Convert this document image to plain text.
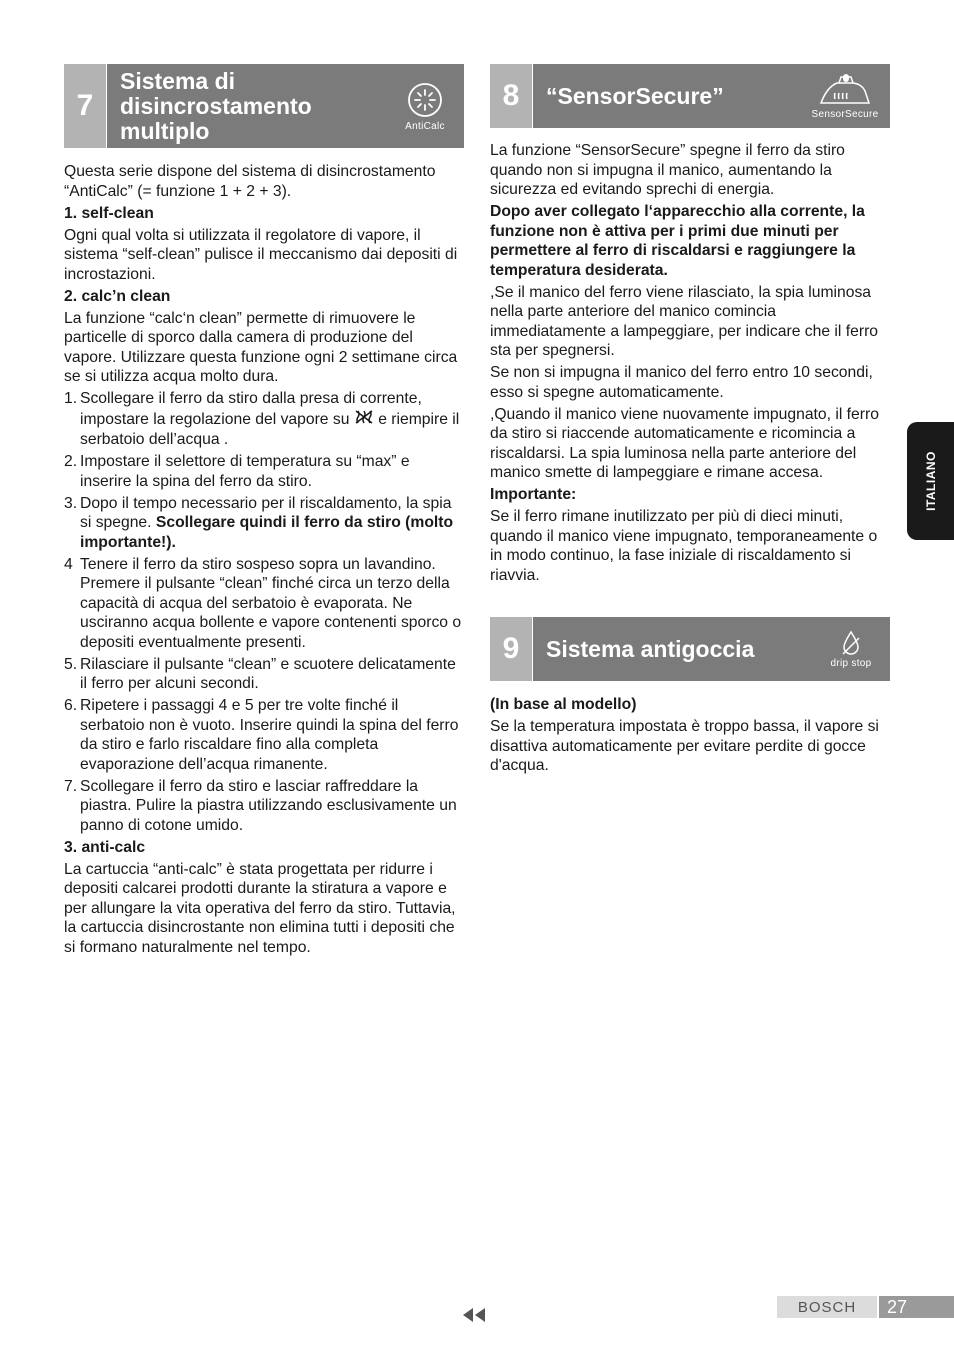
7
Sistema di disincrostamento multiplo	AntiCalc

Questa serie dispone del sistema di disincrostamento “AntiCalc” (= funzione 1 + 2 + 3).

1. self-clean

Ogni qual volta si utilizzata il regolatore di vapore, il sistema “self-clean” pulisce il meccanismo dai depositi di incrostazioni.

2. calc’n clean

La funzione “calc‘n clean” permette di rimuovere le particelle di sporco dalla camera di produzione del vapore. Utilizzare questa funzione ogni 2 settimane circa se si utilizza acqua molto dura.

1. Scollegare il ferro da stiro dalla presa di corrente, impostare la regolazione del vapore su e riempire il serbatoio dell’acqua .
2. Impostare il selettore di temperatura su “max” e inserire la spina del ferro da stiro.
3. Dopo il tempo necessario per il riscaldamento, la spia si spegne. Scollegare quindi il ferro da stiro (molto importante!).
4 Tenere il ferro da stiro sospeso sopra un lavandino. Premere il pulsante “clean” finché circa un terzo della capacità di acqua del serbatoio è evaporata. Ne usciranno acqua bollente e vapore contenenti sporco o depositi eventualmente presenti.
5. Rilasciare il pulsante “clean” e scuotere delicatamente il ferro per alcuni secondi.
6. Ripetere i passaggi 4 e 5 per tre volte finché il serbatoio non è vuoto. Inserire quindi la spina del ferro da stiro e farlo riscaldare fino alla completa evaporazione dell’acqua rimanente.
7. Scollegare il ferro da stiro e lasciar raffreddare la piastra. Pulire la piastra utilizzando esclusivamente un panno di cotone umido.

3. anti-calc

La cartuccia “anti-calc” è stata progettata per ridurre i depositi calcarei prodotti durante la stiratura a vapore e per allungare la vita operativa del ferro da stiro. Tuttavia, la cartuccia disincrostante non elimina tutti i depositi che si formano naturalmente nel tempo.

8	“SensorSecure”
SensorSecure

La funzione “SensorSecure” spegne il ferro da stiro quando non si impugna il manico, aumentando la sicurezza ed evitando sprechi di energia.

Dopo aver collegato l‘apparecchio alla corrente, la funzione non è attiva per i primi due minuti per permettere al ferro di riscaldarsi e raggiungere la temperatura desiderata.

,Se il manico del ferro viene rilasciato, la spia luminosa nella parte anteriore del manico comincia immediatamente a lampeggiare, per indicare che il ferro sta per spegnersi.

Se non si impugna il manico del ferro entro 10 secondi, esso si spegne automaticamente.

,Quando il manico viene nuovamente impugnato, il ferro da stiro si riaccende automaticamente e ricomincia a riscaldarsi. La spia luminosa nella parte anteriore del manico smette di lampeggiare e rimane accesa.

Importante:

Se il ferro rimane inutilizzato per più di dieci minuti, quando il manico viene impugnato, temporaneamente o in modo continuo, la fase iniziale di riscaldamento si riavvia.

9	Sistema antigoccia
drip stop

(In base al modello)

Se la temperatura impostata è troppo bassa, il vapore si disattiva automaticamente per evitare perdite di gocce d'acqua.

ITALIANO
BOSCH	27
